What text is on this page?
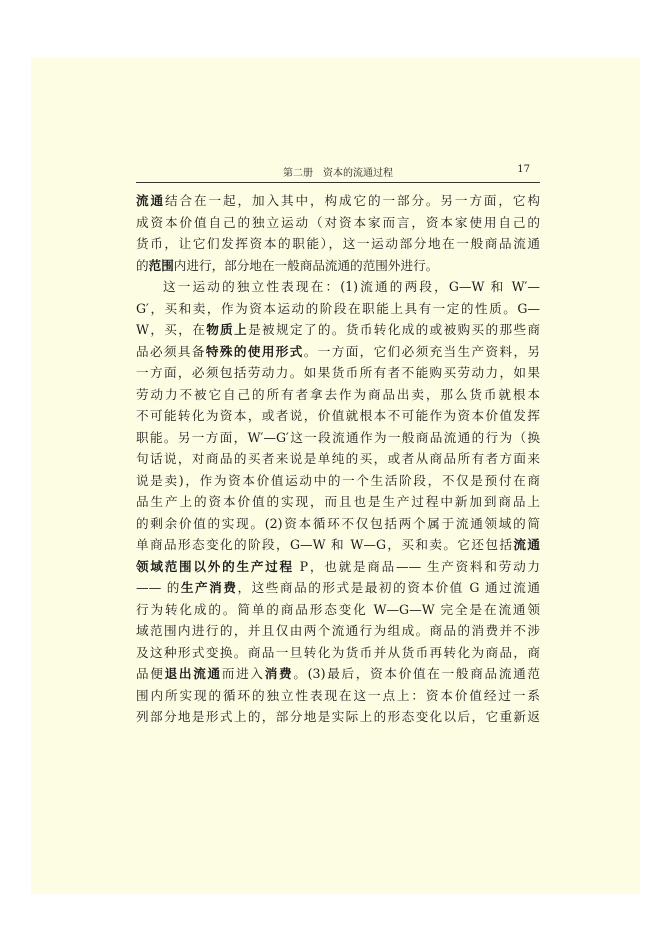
第二册　资本的流通过程	17
流通结合在一起，加入其中，构成它的一部分。另一方面，它构
成资本价值自己的独立运动（对资本家而言，资本家使用自己的
货币，让它们发挥资本的职能），这一运动部分地在一般商品流通
的范围内进行，部分地在一般商品流通的范围外进行。
这一运动的独立性表现在：(1)流通的两段，G—W 和 W′—
G′，买和卖，作为资本运动的阶段在职能上具有一定的性质。G—
W，买，在物质上是被规定了的。货币转化成的或被购买的那些商
品必须具备特殊的使用形式。一方面，它们必须充当生产资料，另
一方面，必须包括劳动力。如果货币所有者不能购买劳动力，如果
劳动力不被它自己的所有者拿去作为商品出卖，那么货币就根本
不可能转化为资本，或者说，价值就根本不可能作为资本价值发挥
职能。另一方面，W′—G′这一段流通作为一般商品流通的行为（换
句话说，对商品的买者来说是单纯的买，或者从商品所有者方面来
说是卖)，作为资本价值运动中的一个生活阶段，不仅是预付在商
品生产上的资本价值的实现，而且也是生产过程中新加到商品上
的剩余价值的实现。(2)资本循环不仅包括两个属于流通领域的简
单商品形态变化的阶段，G—W 和 W—G，买和卖。它还包括流通
领域范围以外的生产过程 P，也就是商品—— 生产资料和劳动力
—— 的生产消费，这些商品的形式是最初的资本价值 G 通过流通
行为转化成的。简单的商品形态变化 W—G—W 完全是在流通领
域范围内进行的，并且仅由两个流通行为组成。商品的消费并不涉
及这种形式变换。商品一旦转化为货币并从货币再转化为商品，商
品便退出流通而进入消费。(3)最后，资本价值在一般商品流通范
围内所实现的循环的独立性表现在这一点上：资本价值经过一系
列部分地是形式上的，部分地是实际上的形态变化以后，它重新返
